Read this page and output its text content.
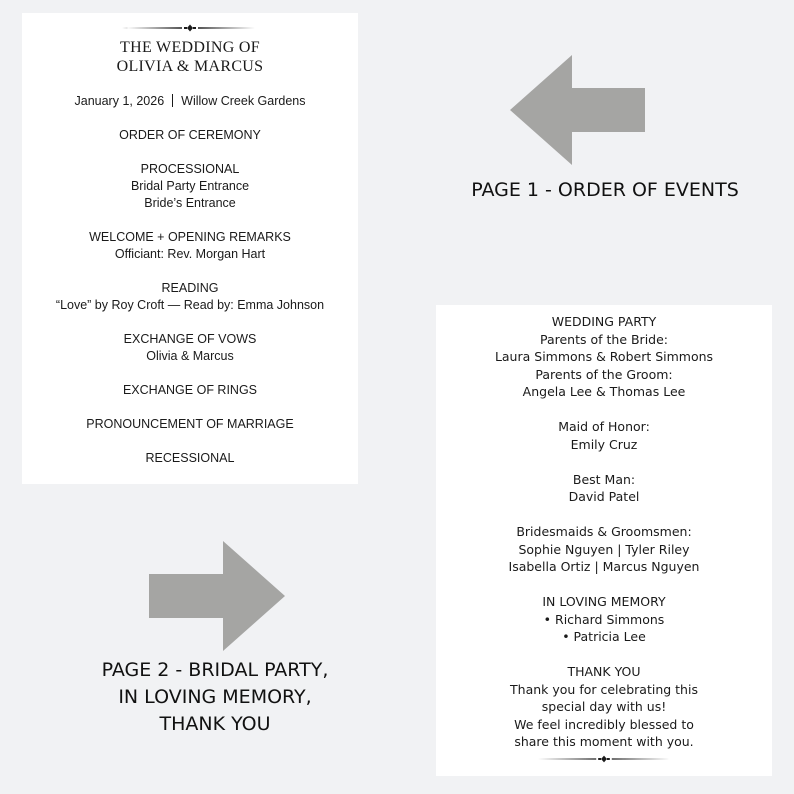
THE WEDDING OF
OLIVIA & MARCUS
January 1, 2026 Willow Creek Gardens
ORDER OF CEREMONY
PROCESSIONAL
Bridal Party Entrance
Bride’s Entrance
WELCOME + OPENING REMARKS
Officiant: Rev. Morgan Hart
READING
“Love” by Roy Croft — Read by: Emma Johnson
EXCHANGE OF VOWS
Olivia & Marcus
EXCHANGE OF RINGS
PRONOUNCEMENT OF MARRIAGE
RECESSIONAL
PAGE 1 - ORDER OF EVENTS
PAGE 2 - BRIDAL PARTY,
IN LOVING MEMORY,
THANK YOU
WEDDING PARTY
Parents of the Bride:
Laura Simmons & Robert Simmons
Parents of the Groom:
Angela Lee & Thomas Lee
Maid of Honor:
Emily Cruz
Best Man:
David Patel
Bridesmaids & Groomsmen:
Sophie Nguyen | Tyler Riley
Isabella Ortiz | Marcus Nguyen
IN LOVING MEMORY
• Richard Simmons
• Patricia Lee
THANK YOU
Thank you for celebrating this
special day with us!
We feel incredibly blessed to
share this moment with you.
